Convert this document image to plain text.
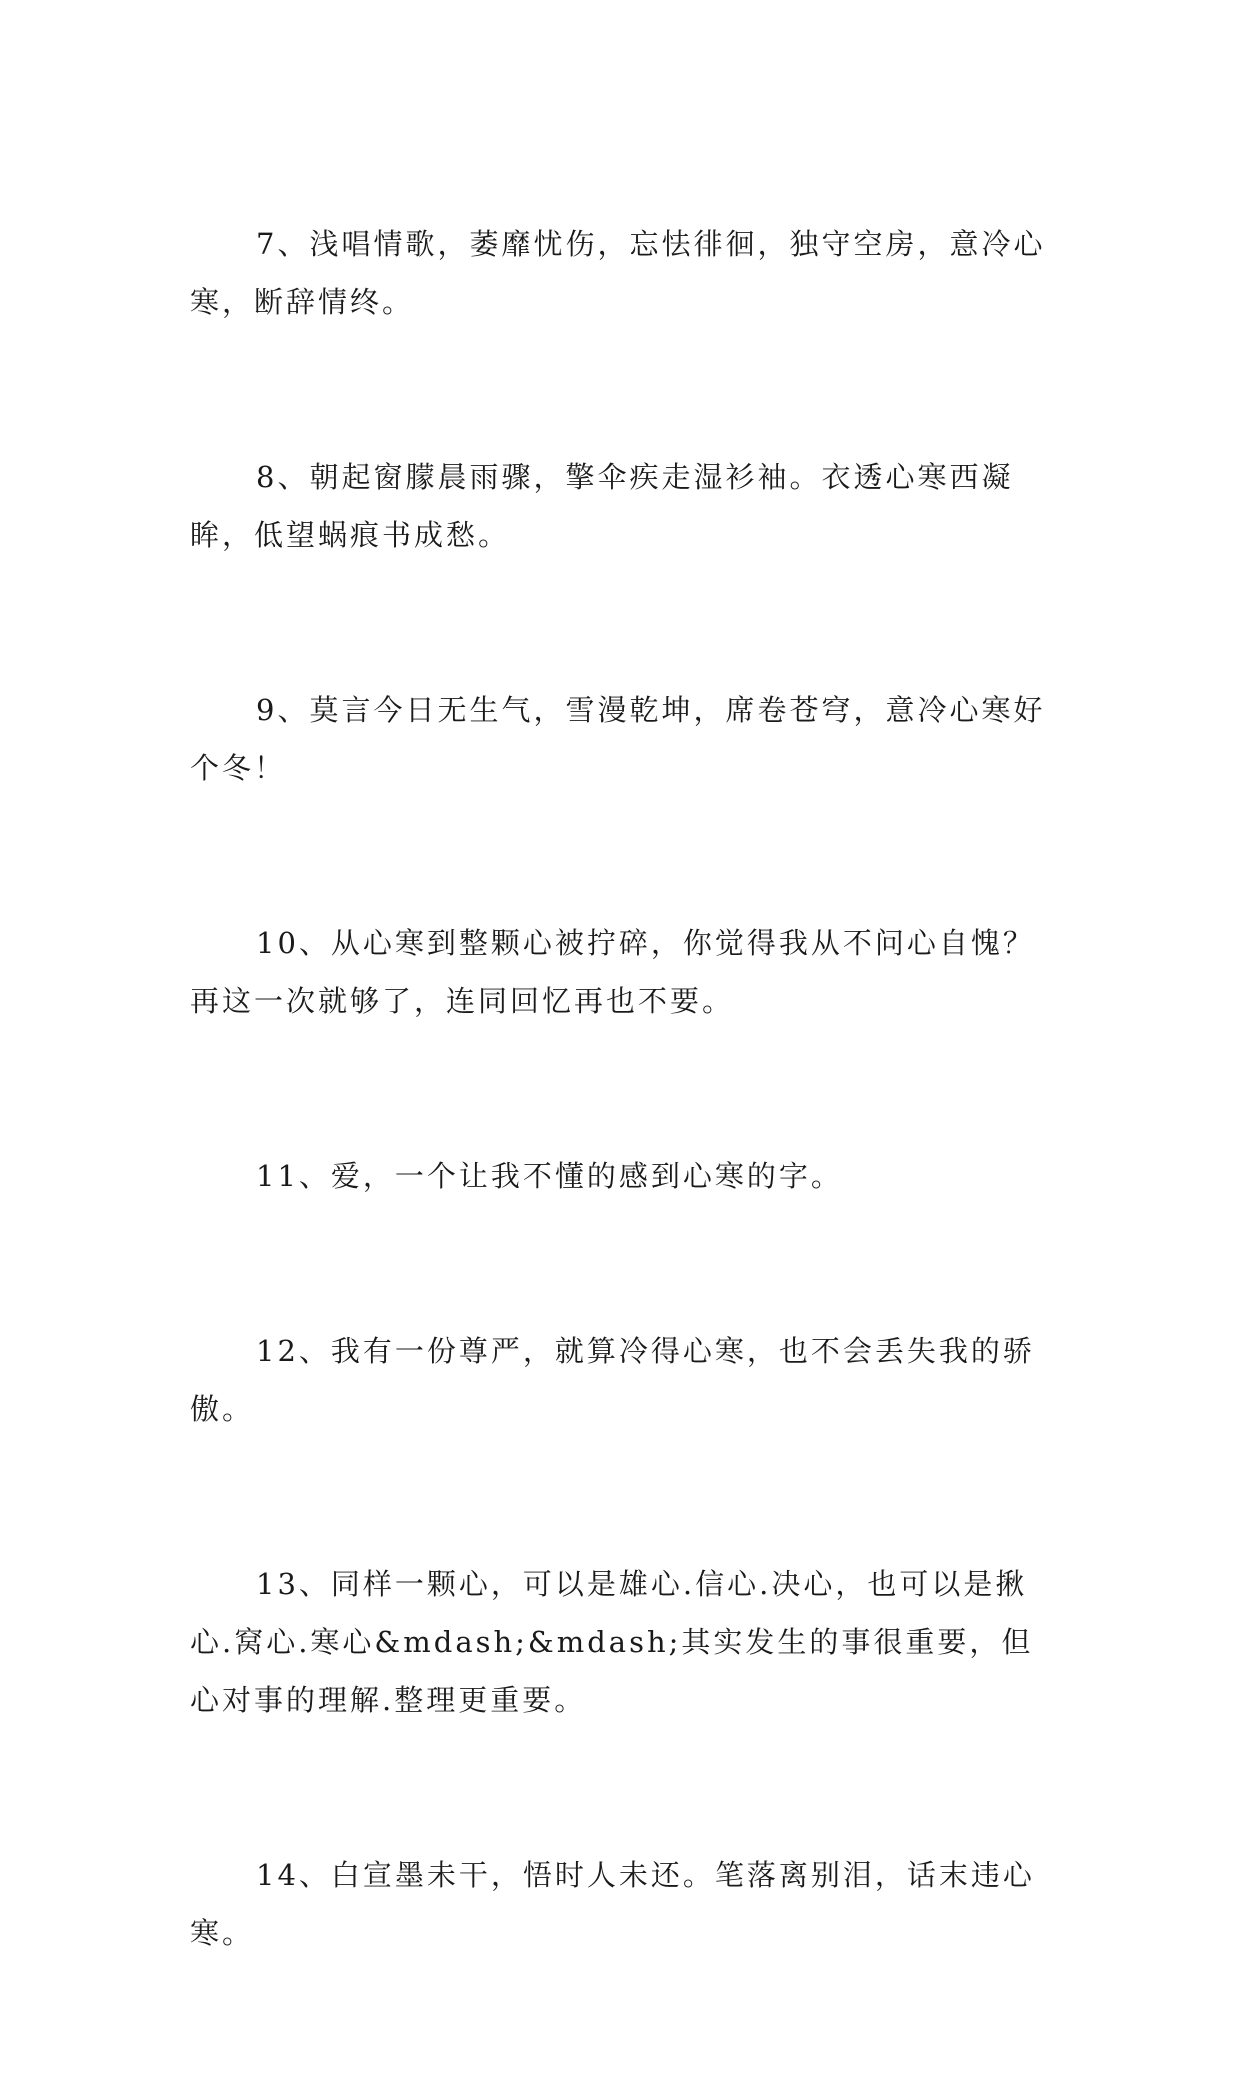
7、浅唱情歌，萎靡忧伤，忘怯徘徊，独守空房，意冷心寒，断辞情终。

8、朝起窗朦晨雨骤，擎伞疾走湿衫袖。衣透心寒西凝眸，低望蜗痕书成愁。

9、莫言今日无生气，雪漫乾坤，席卷苍穹，意冷心寒好个冬！

10、从心寒到整颗心被拧碎，你觉得我从不问心自愧？再这一次就够了，连同回忆再也不要。

11、爱，一个让我不懂的感到心寒的字。

12、我有一份尊严，就算冷得心寒，也不会丢失我的骄傲。

13、同样一颗心，可以是雄心.信心.决心，也可以是揪心.窝心.寒心&mdash;&mdash;其实发生的事很重要，但心对事的理解.整理更重要。

14、白宣墨未干，悟时人未还。笔落离别泪，话末违心寒。
